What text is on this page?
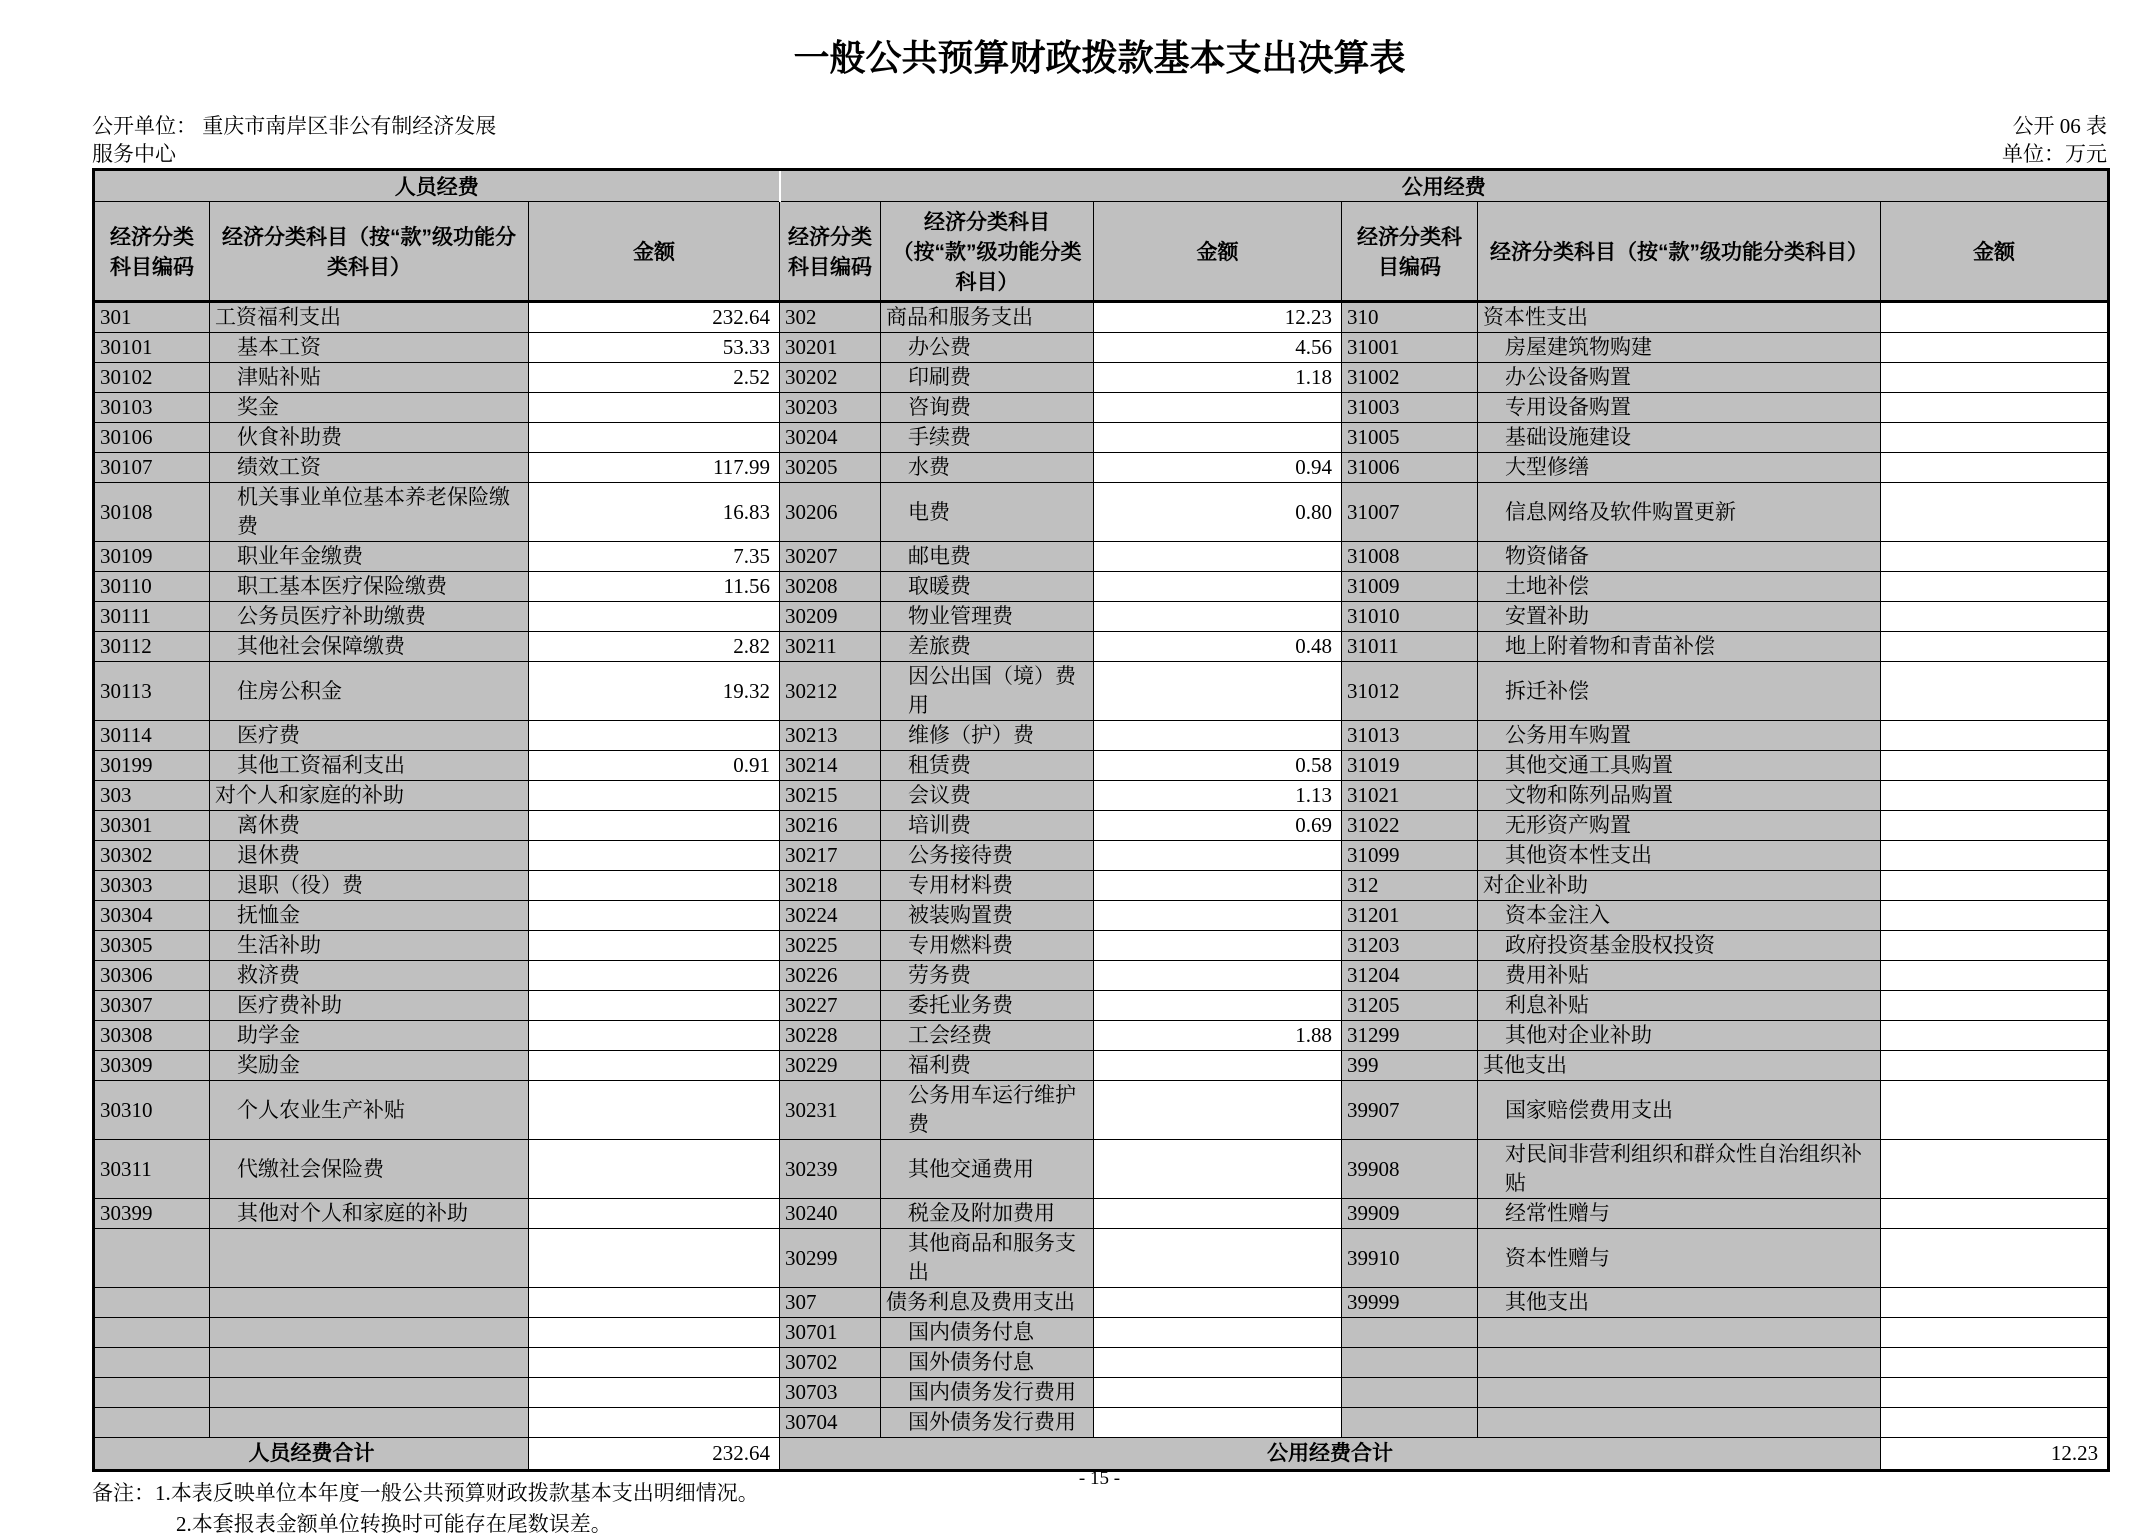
一般公共预算财政拨款基本支出决算表
公开单位： 重庆市南岸区非公有制经济发展
服务中心
公开 06 表
单位：万元
人员经费			公用经费					
经济分类科目编码	经济分类科目（按“款”级功能分类科目）	金额	经济分类科目编码	经济分类科目（按“款”级功能分类科目）	金额	经济分类科目编码	经济分类科目（按“款”级功能分类科目）	金额
301	工资福利支出	232.64	302	商品和服务支出	12.23	310	资本性支出	
30101	基本工资	53.33	30201	办公费	4.56	31001	房屋建筑物购建	
30102	津贴补贴	2.52	30202	印刷费	1.18	31002	办公设备购置	
30103	奖金		30203	咨询费		31003	专用设备购置	
30106	伙食补助费		30204	手续费		31005	基础设施建设	
30107	绩效工资	117.99	30205	水费	0.94	31006	大型修缮	
30108	机关事业单位基本养老保险缴费	16.83	30206	电费	0.80	31007	信息网络及软件购置更新	
30109	职业年金缴费	7.35	30207	邮电费		31008	物资储备	
30110	职工基本医疗保险缴费	11.56	30208	取暖费		31009	土地补偿	
30111	公务员医疗补助缴费		30209	物业管理费		31010	安置补助	
30112	其他社会保障缴费	2.82	30211	差旅费	0.48	31011	地上附着物和青苗补偿	
30113	住房公积金	19.32	30212	因公出国（境）费用		31012	拆迁补偿	
30114	医疗费		30213	维修（护）费		31013	公务用车购置	
30199	其他工资福利支出	0.91	30214	租赁费	0.58	31019	其他交通工具购置	
303	对个人和家庭的补助		30215	会议费	1.13	31021	文物和陈列品购置	
30301	离休费		30216	培训费	0.69	31022	无形资产购置	
30302	退休费		30217	公务接待费		31099	其他资本性支出	
30303	退职（役）费		30218	专用材料费		312	对企业补助	
30304	抚恤金		30224	被装购置费		31201	资本金注入	
30305	生活补助		30225	专用燃料费		31203	政府投资基金股权投资	
30306	救济费		30226	劳务费		31204	费用补贴	
30307	医疗费补助		30227	委托业务费		31205	利息补贴	
30308	助学金		30228	工会经费	1.88	31299	其他对企业补助	
30309	奖励金		30229	福利费		399	其他支出	
30310	个人农业生产补贴		30231	公务用车运行维护费		39907	国家赔偿费用支出	
30311	代缴社会保险费		30239	其他交通费用		39908	对民间非营利组织和群众性自治组织补贴	
30399	其他对个人和家庭的补助		30240	税金及附加费用		39909	经常性赠与	
			30299	其他商品和服务支出		39910	资本性赠与	
			307	债务利息及费用支出		39999	其他支出	
			30701	国内债务付息				
			30702	国外债务付息				
			30703	国内债务发行费用				
			30704	国外债务发行费用				
人员经费合计		232.64	公用经费合计					12.23
备注：1.本表反映单位本年度一般公共预算财政拨款基本支出明细情况。
2.本套报表金额单位转换时可能存在尾数误差。
- 15 -
